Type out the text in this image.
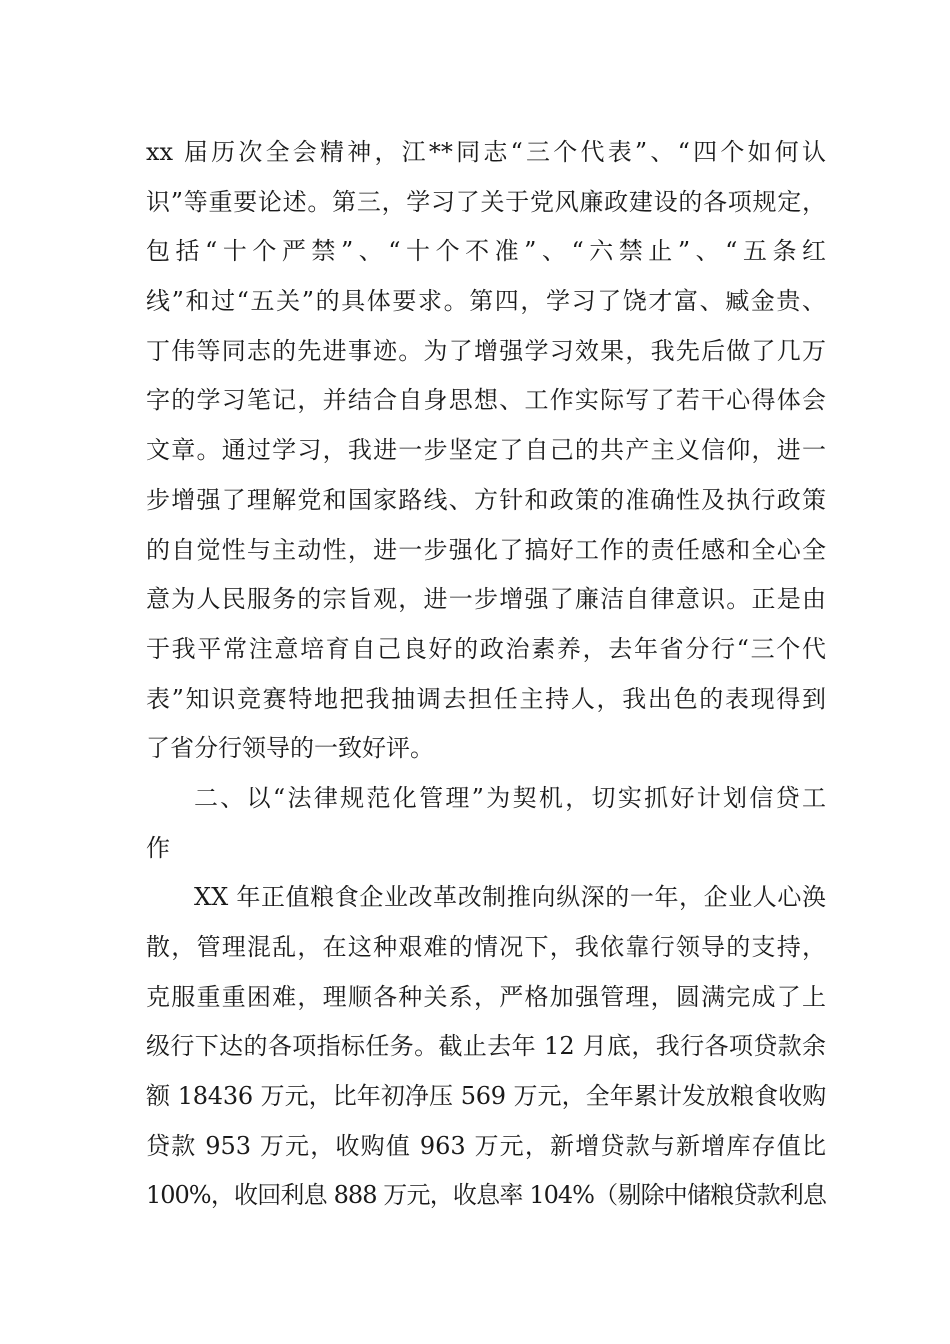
xx 届历次全会精神，江**同志“三个代表”、“四个如何认
识”等重要论述。第三，学习了关于党风廉政建设的各项规定，
包括“十个严禁”、“十个不准”、“六禁止”、“五条红
线”和过“五关”的具体要求。第四，学习了饶才富、臧金贵、
丁伟等同志的先进事迹。为了增强学习效果，我先后做了几万
字的学习笔记，并结合自身思想、工作实际写了若干心得体会
文章。通过学习，我进一步坚定了自己的共产主义信仰，进一
步增强了理解党和国家路线、方针和政策的准确性及执行政策
的自觉性与主动性，进一步强化了搞好工作的责任感和全心全
意为人民服务的宗旨观，进一步增强了廉洁自律意识。正是由
于我平常注意培育自己良好的政治素养，去年省分行“三个代
表”知识竞赛特地把我抽调去担任主持人，我出色的表现得到
了省分行领导的一致好评。
二、以“法律规范化管理”为契机，切实抓好计划信贷工
作
XX 年正值粮食企业改革改制推向纵深的一年，企业人心涣
散，管理混乱，在这种艰难的情况下，我依靠行领导的支持，
克服重重困难，理顺各种关系，严格加强管理，圆满完成了上
级行下达的各项指标任务。截止去年 12 月底，我行各项贷款余
额 18436 万元，比年初净压 569 万元，全年累计发放粮食收购
贷款 953 万元，收购值 963 万元，新增贷款与新增库存值比
100%，收回利息 888 万元，收息率 104%（剔除中储粮贷款利息
